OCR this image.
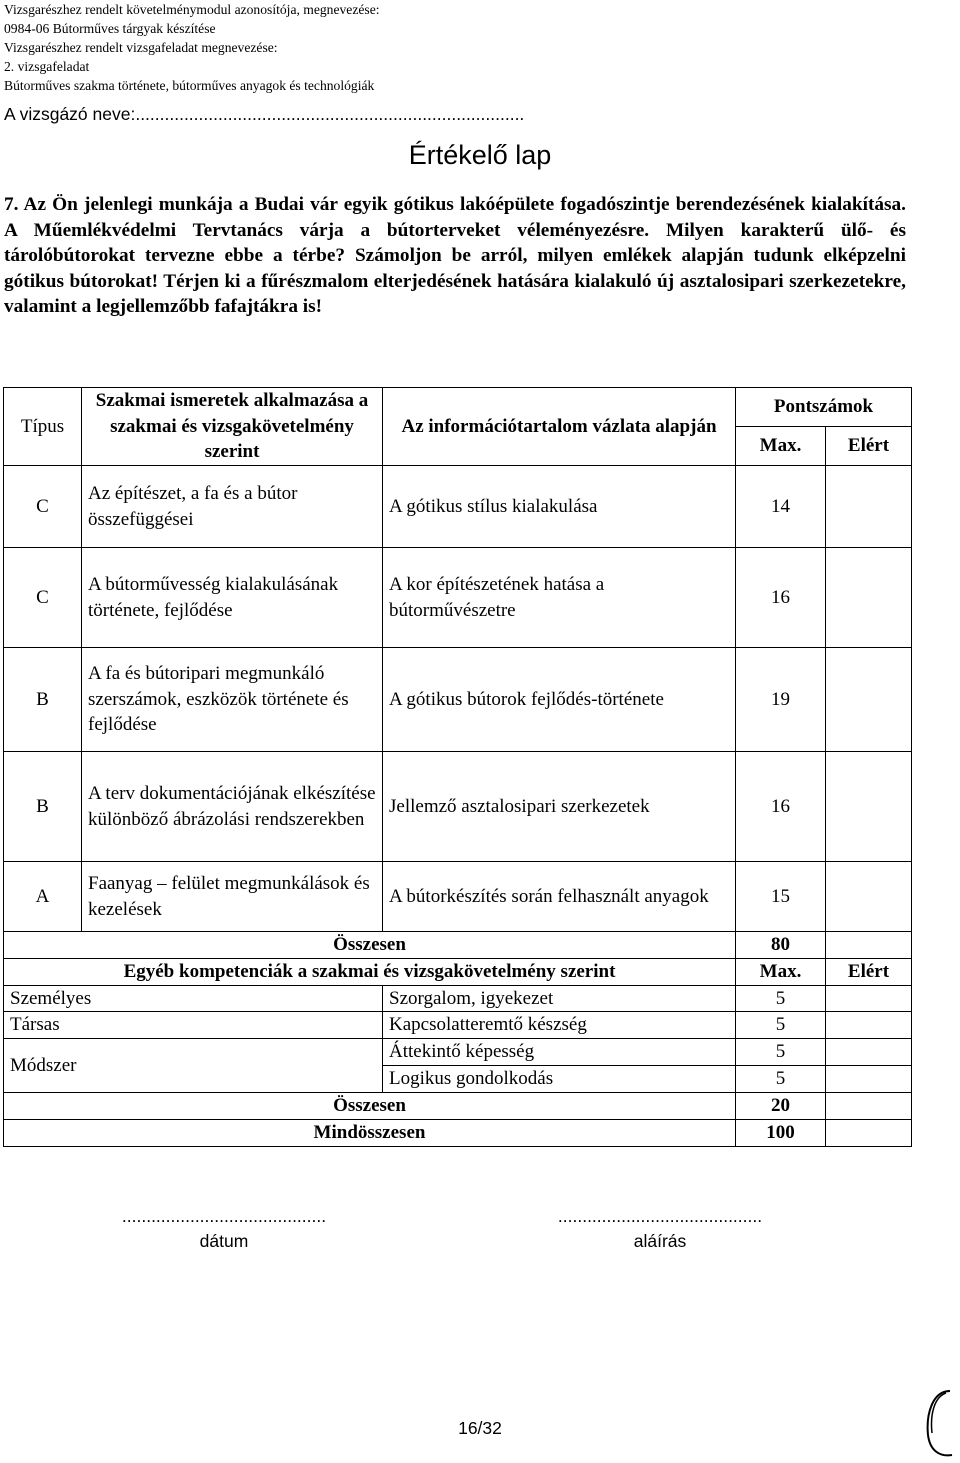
Vizsgarészhez rendelt követelménymodul azonosítója, megnevezése:
0984-06 Bútorműves tárgyak készítése
Vizsgarészhez rendelt vizsgafeladat megnevezése:
2. vizsgafeladat
Bútorműves szakma története, bútorműves anyagok és technológiák
A vizsgázó neve:................................................................................
Értékelő lap
7. Az Ön jelenlegi munkája a Budai vár egyik gótikus lakóépülete fogadószintje berendezésének kialakítása. A Műemlékvédelmi Tervtanács várja a bútorterveket véleményezésre. Milyen karakterű ülő- és tárolóbútorokat tervezne ebbe a térbe? Számoljon be arról, milyen emlékek alapján tudunk elképzelni gótikus bútorokat! Térjen ki a fűrészmalom elterjedésének hatására kialakuló új asztalosipari szerkezetekre, valamint a legjellemzőbb fafajtákra is!
Típus	Szakmai ismeretek alkalmazása a szakmai és vizsgakövetelmény szerint	Az információtartalom vázlata alapján	Pontszámok	
			Max.	Elért
C	Az építészet, a fa és a bútor összefüggései	A gótikus stílus kialakulása	14	
C	A bútorművesség kialakulásának története, fejlődése	A kor építészetének hatása a bútorművészetre	16	
B	A fa és bútoripari megmunkáló szerszámok, eszközök története és fejlődése	A gótikus bútorok fejlődés-története	19	
B	A terv dokumentációjának elkészítése különböző ábrázolási rendszerekben	Jellemző asztalosipari szerkezetek	16	
A	Faanyag – felület megmunkálások és kezelések	A bútorkészítés során felhasznált anyagok	15	
Összesen			80	
Egyéb kompetenciák a szakmai és vizsgakövetelmény szerint			Max.	Elért
Személyes		Szorgalom, igyekezet	5	
Társas		Kapcsolatteremtő készség	5	
Módszer		Áttekintő képesség	5	
		Logikus gondolkodás	5	
Összesen			20	
Mindösszesen			100	
..........................................
dátum
..........................................
aláírás
16/32
